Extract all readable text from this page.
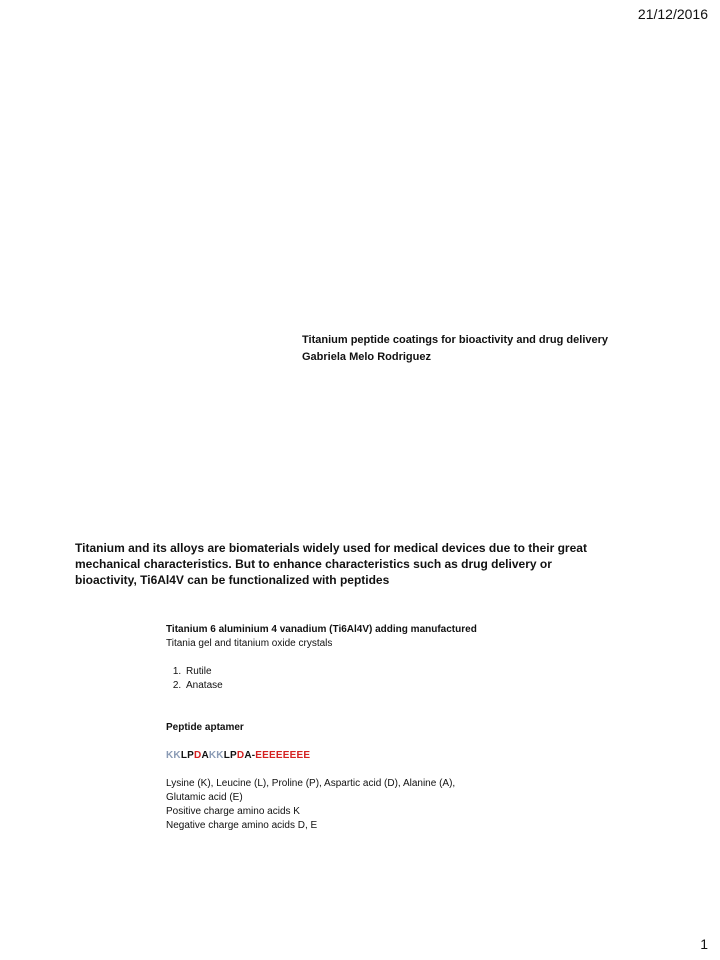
21/12/2016
Titanium peptide coatings for bioactivity and drug delivery
Gabriela Melo Rodriguez
Titanium and its alloys are biomaterials widely used for medical devices due to their great
mechanical characteristics. But to enhance characteristics such as drug delivery or
bioactivity, Ti6Al4V can be functionalized with peptides
Titanium 6 aluminium 4 vanadium (Ti6Al4V) adding manufactured
Titania gel and titanium oxide crystals
1. Rutile
2. Anatase
Peptide aptamer
KKLPDAKKLPDA-EEEEEEEE
Lysine (K), Leucine (L), Proline (P), Aspartic acid (D), Alanine (A),
Glutamic acid (E)
Positive charge amino acids K
Negative charge amino acids D, E
1
